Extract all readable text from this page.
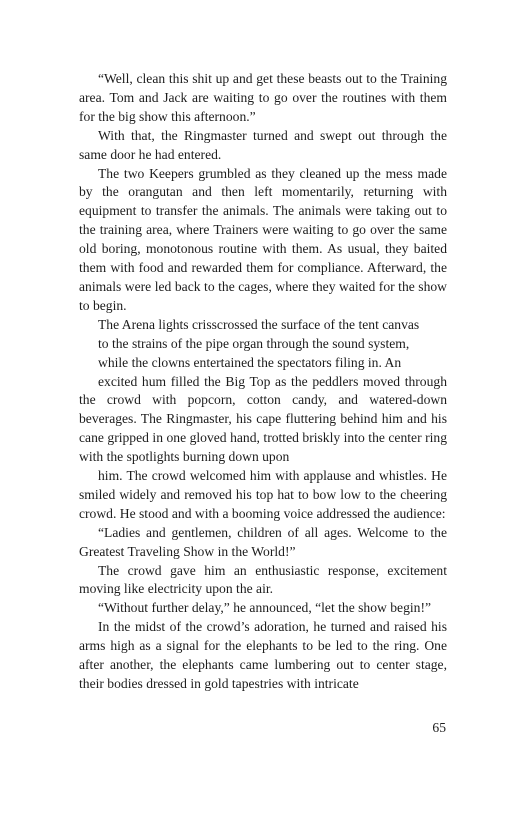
“Well, clean this shit up and get these beasts out to the Training area. Tom and Jack are waiting to go over the routines with them for the big show this afternoon.”

With that, the Ringmaster turned and swept out through the same door he had entered.

The two Keepers grumbled as they cleaned up the mess made by the orangutan and then left momentarily, returning with equipment to transfer the animals. The animals were taking out to the training area, where Trainers were waiting to go over the same old boring, monotonous routine with them. As usual, they baited them with food and rewarded them for compliance. Afterward, the animals were led back to the cages, where they waited for the show to begin.

The Arena lights crisscrossed the surface of the tent canvas

to the strains of the pipe organ through the sound system,

while the clowns entertained the spectators filing in. An

excited hum filled the Big Top as the peddlers moved through the crowd with popcorn, cotton candy, and watered-down beverages. The Ringmaster, his cape fluttering behind him and his cane gripped in one gloved hand, trotted briskly into the center ring with the spotlights burning down upon

him. The crowd welcomed him with applause and whistles. He smiled widely and removed his top hat to bow low to the cheering crowd. He stood and with a booming voice addressed the audience:

“Ladies and gentlemen, children of all ages. Welcome to the Greatest Traveling Show in the World!”

The crowd gave him an enthusiastic response, excitement moving like electricity upon the air.

“Without further delay,” he announced, “let the show begin!”

In the midst of the crowd’s adoration, he turned and raised his arms high as a signal for the elephants to be led to the ring. One after another, the elephants came lumbering out to center stage, their bodies dressed in gold tapestries with intricate

65
